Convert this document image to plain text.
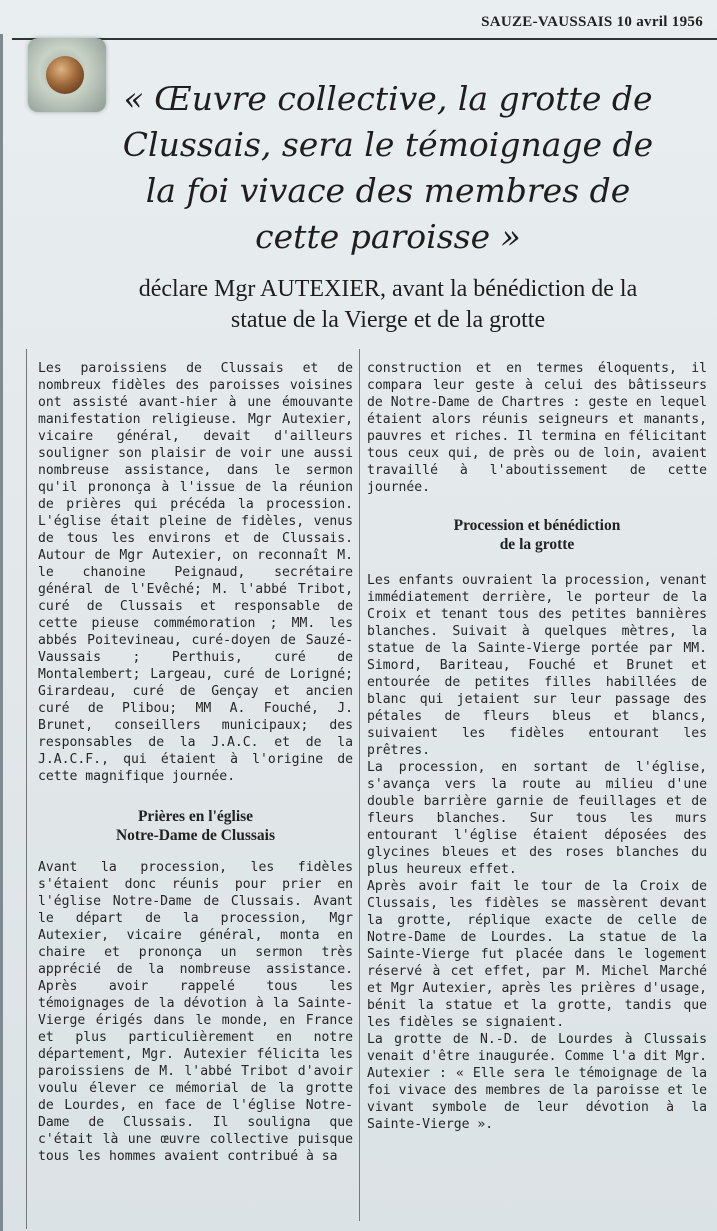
SAUZE-VAUSSAIS 10 avril 1956
« Œuvre collective, la grotte de Clussais, sera le témoignage de la foi vivace des membres de cette paroisse »
déclare Mgr AUTEXIER, avant la bénédiction de la statue de la Vierge et de la grotte

Les paroissiens de Clussais et de nombreux fidèles des paroisses voisines ont assisté avant-hier à une émouvante manifestation religieuse. Mgr Autexier, vicaire général, devait d'ailleurs souligner son plaisir de voir une aussi nombreuse assistance, dans le sermon qu'il prononça à l'issue de la réunion de prières qui précéda la procession. L'église était pleine de fidèles, venus de tous les environs et de Clussais. Autour de Mgr Autexier, on reconnaît M. le chanoine Peignaud, secrétaire général de l'Evêché; M. l'abbé Tribot, curé de Clussais et responsable de cette pieuse commémoration ; MM. les abbés Poitevineau, curé-doyen de Sauzé-Vaussais ; Perthuis, curé de Montalembert; Largeau, curé de Lorigné; Girardeau, curé de Gençay et ancien curé de Plibou; MM A. Fouché, J. Brunet, conseillers municipaux; des responsables de la J.A.C. et de la J.A.C.F., qui étaient à l'origine de cette magnifique journée.

Prières en l'église
Notre-Dame de Clussais

Avant la procession, les fidèles s'étaient donc réunis pour prier en l'église Notre-Dame de Clussais. Avant le départ de la procession, Mgr Autexier, vicaire général, monta en chaire et prononça un sermon très apprécié de la nombreuse assistance. Après avoir rappelé tous les témoignages de la dévotion à la Sainte-Vierge érigés dans le monde, en France et plus particulièrement en notre département, Mgr. Autexier félicita les paroissiens de M. l'abbé Tribot d'avoir voulu élever ce mémorial de la grotte de Lourdes, en face de l'église Notre-Dame de Clussais. Il souligna que c'était là une œuvre collective puisque tous les hommes avaient contribué à sa

construction et en termes éloquents, il compara leur geste à celui des bâtisseurs de Notre-Dame de Chartres : geste en lequel étaient alors réunis seigneurs et manants, pauvres et riches. Il termina en félicitant tous ceux qui, de près ou de loin, avaient travaillé à l'aboutissement de cette journée.

Procession et bénédiction
de la grotte

Les enfants ouvraient la procession, venant immédiatement derrière, le porteur de la Croix et tenant tous des petites bannières blanches. Suivait à quelques mètres, la statue de la Sainte-Vierge portée par MM. Simord, Bariteau, Fouché et Brunet et entourée de petites filles habillées de blanc qui jetaient sur leur passage des pétales de fleurs bleus et blancs, suivaient les fidèles entourant les prêtres.

La procession, en sortant de l'église, s'avança vers la route au milieu d'une double barrière garnie de feuillages et de fleurs blanches. Sur tous les murs entourant l'église étaient déposées des glycines bleues et des roses blanches du plus heureux effet.

Après avoir fait le tour de la Croix de Clussais, les fidèles se massèrent devant la grotte, réplique exacte de celle de Notre-Dame de Lourdes. La statue de la Sainte-Vierge fut placée dans le logement réservé à cet effet, par M. Michel Marché et Mgr Autexier, après les prières d'usage, bénit la statue et la grotte, tandis que les fidèles se signaient.

La grotte de N.-D. de Lourdes à Clussais venait d'être inaugurée. Comme l'a dit Mgr. Autexier : « Elle sera le témoignage de la foi vivace des membres de la paroisse et le vivant symbole de leur dévotion à la Sainte-Vierge ».
